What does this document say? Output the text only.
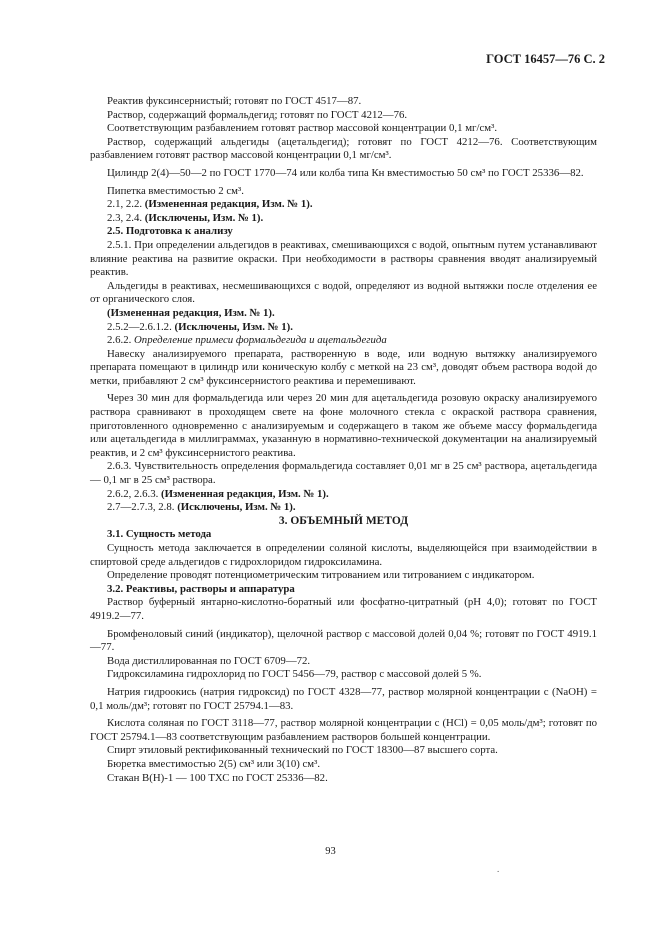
ГОСТ 16457—76 С. 2

Реактив фуксинсернистый; готовят по ГОСТ 4517—87.

Раствор, содержащий формальдегид; готовят по ГОСТ 4212—76.

Соответствующим разбавлением готовят раствор массовой концентрации 0,1 мг/см³.

Раствор, содержащий альдегиды (ацетальдегид); готовят по ГОСТ 4212—76. Соответствующим разбавлением готовят раствор массовой концентрации 0,1 мг/см³.

Цилиндр 2(4)—50—2 по ГОСТ 1770—74 или колба типа Кн вместимостью 50 см³ по ГОСТ 25336—82.

Пипетка вместимостью 2 см³.

2.1, 2.2. (Измененная редакция, Изм. № 1).

2.3, 2.4. (Исключены, Изм. № 1).

2.5. Подготовка к анализу

2.5.1. При определении альдегидов в реактивах, смешивающихся с водой, опытным путем устанавливают влияние реактива на развитие окраски. При необходимости в растворы сравнения вводят анализируемый реактив.

Альдегиды в реактивах, несмешивающихся с водой, определяют из водной вытяжки после отделения ее от органического слоя.

(Измененная редакция, Изм. № 1).

2.5.2—2.6.1.2. (Исключены, Изм. № 1).

2.6.2. Определение примеси формальдегида и ацетальдегида

Навеску анализируемого препарата, растворенную в воде, или водную вытяжку анализируемого препарата помещают в цилиндр или коническую колбу с меткой на 23 см³, доводят объем раствора водой до метки, прибавляют 2 см³ фуксинсернистого реактива и перемешивают.

Через 30 мин для формальдегида или через 20 мин для ацетальдегида розовую окраску анализируемого раствора сравнивают в проходящем свете на фоне молочного стекла с окраской раствора сравнения, приготовленного одновременно с анализируемым и содержащего в таком же объеме массу формальдегида или ацетальдегида в миллиграммах, указанную в нормативно-технической документации на анализируемый реактив, и 2 см³ фуксинсернистого реактива.

2.6.3. Чувствительность определения формальдегида составляет 0,01 мг в 25 см³ раствора, ацетальдегида — 0,1 мг в 25 см³ раствора.

2.6.2, 2.6.3. (Измененная редакция, Изм. № 1).

2.7—2.7.3, 2.8. (Исключены, Изм. № 1).

3. ОБЪЕМНЫЙ МЕТОД

3.1. Сущность метода

Сущность метода заключается в определении соляной кислоты, выделяющейся при взаимодействии в спиртовой среде альдегидов с гидрохлоридом гидроксиламина.

Определение проводят потенциометрическим титрованием или титрованием с индикатором.

3.2. Реактивы, растворы и аппаратура

Раствор буферный янтарно-кислотно-боратный или фосфатно-цитратный (pH 4,0); готовят по ГОСТ 4919.2—77.

Бромфеноловый синий (индикатор), щелочной раствор с массовой долей 0,04 %; готовят по ГОСТ 4919.1—77.

Вода дистиллированная по ГОСТ 6709—72.

Гидроксиламина гидрохлорид по ГОСТ 5456—79, раствор с массовой долей 5 %.

Натрия гидроокись (натрия гидроксид) по ГОСТ 4328—77, раствор молярной концентрации c (NaOH) = 0,1 моль/дм³; готовят по ГОСТ 25794.1—83.

Кислота соляная по ГОСТ 3118—77, раствор молярной концентрации c (HCl) = 0,05 моль/дм³; готовят по ГОСТ 25794.1—83 соответствующим разбавлением растворов большей концентрации.

Спирт этиловый ректификованный технический по ГОСТ 18300—87 высшего сорта.

Бюретка вместимостью 2(5) см³ или 3(10) см³.

Стакан В(Н)-1 — 100 ТХС по ГОСТ 25336—82.

93
.
